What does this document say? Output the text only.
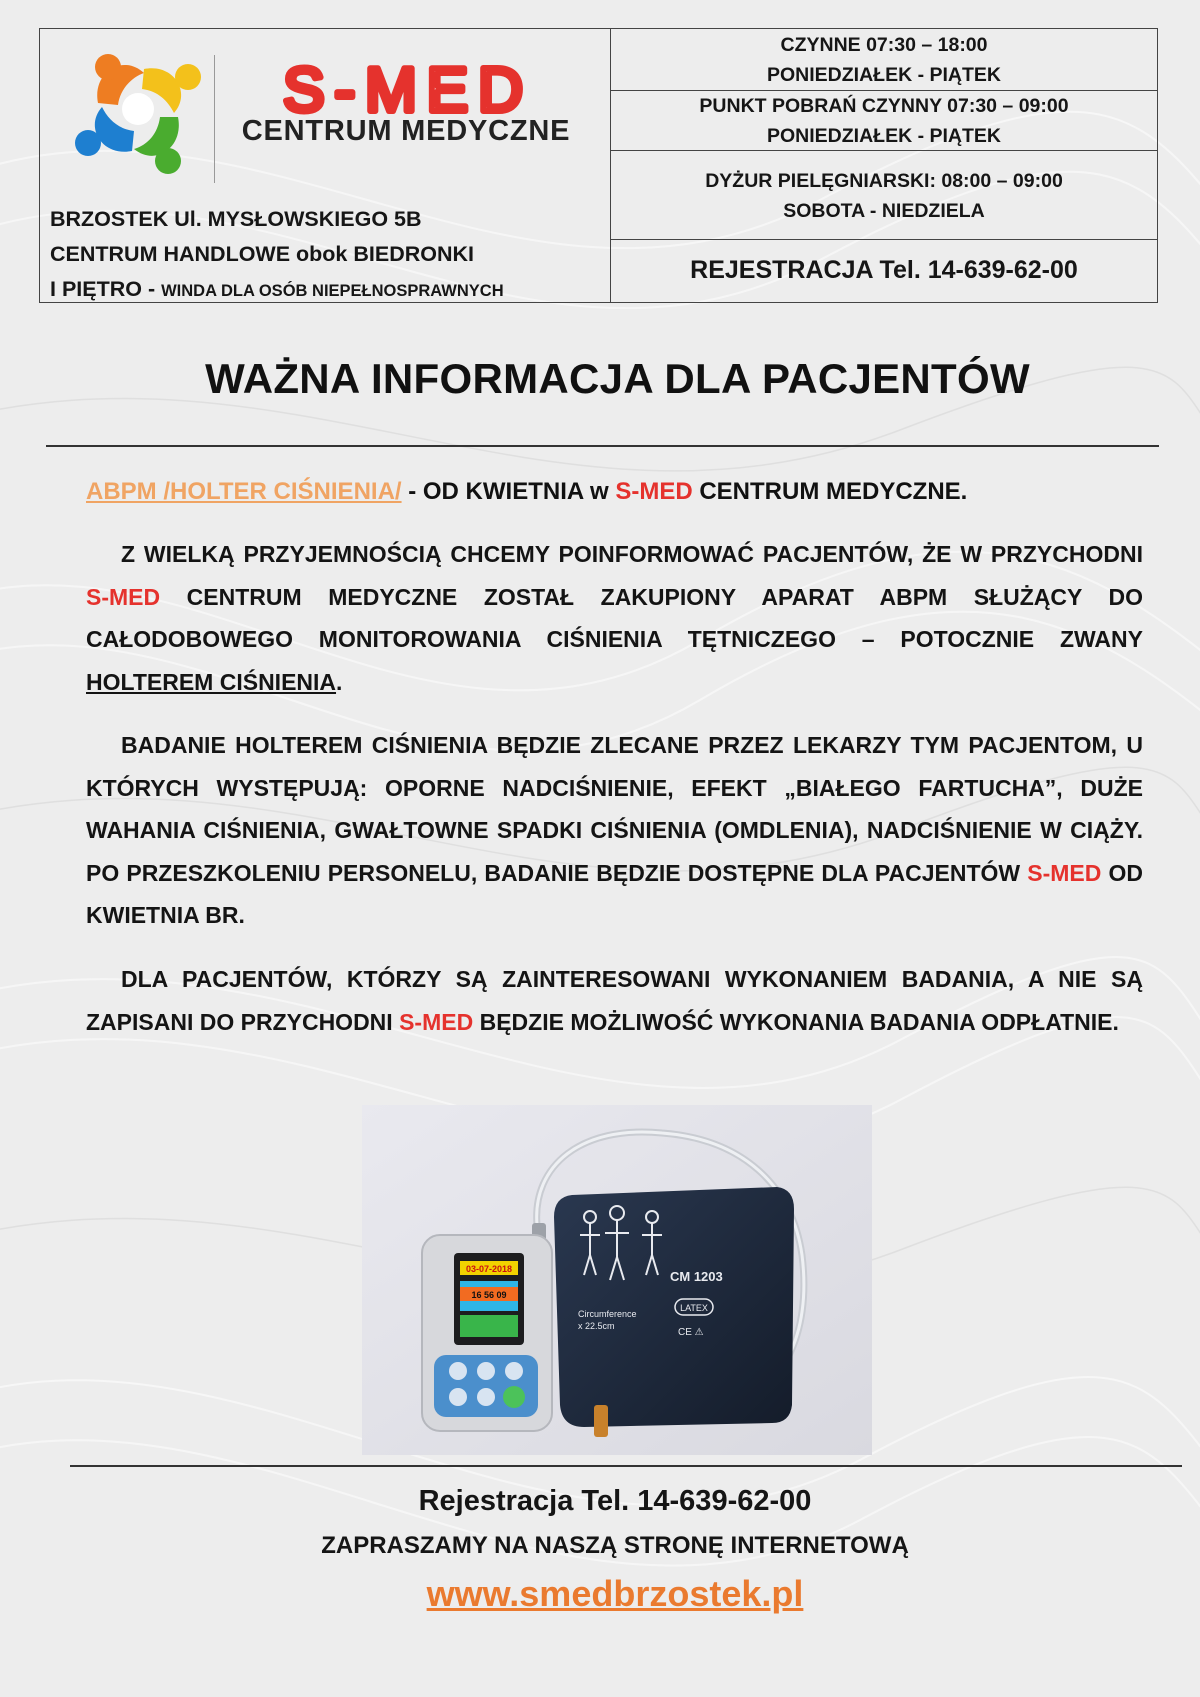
S-MED
CENTRUM MEDYCZNE
BRZOSTEK Ul. MYSŁOWSKIEGO 5B
CENTRUM HANDLOWE obok BIEDRONKI
I PIĘTRO - WINDA DLA OSÓB NIEPEŁNOSPRAWNYCH
CZYNNE 07:30 – 18:00
PONIEDZIAŁEK - PIĄTEK
PUNKT POBRAŃ CZYNNY 07:30 – 09:00
PONIEDZIAŁEK - PIĄTEK
DYŻUR PIELĘGNIARSKI: 08:00 – 09:00
SOBOTA - NIEDZIELA
REJESTRACJA Tel. 14-639-62-00
WAŻNA INFORMACJA DLA PACJENTÓW
ABPM /HOLTER CIŚNIENIA/ - OD KWIETNIA w S-MED CENTRUM MEDYCZNE.
Z WIELKĄ PRZYJEMNOŚCIĄ CHCEMY POINFORMOWAĆ PACJENTÓW, ŻE W PRZYCHODNI S-MED CENTRUM MEDYCZNE ZOSTAŁ ZAKUPIONY APARAT ABPM SŁUŻĄCY DO CAŁODOBOWEGO MONITOROWANIA CIŚNIENIA TĘTNICZEGO – POTOCZNIE ZWANY HOLTEREM CIŚNIENIA.
BADANIE HOLTEREM CIŚNIENIA BĘDZIE ZLECANE PRZEZ LEKARZY TYM PACJENTOM, U KTÓRYCH WYSTĘPUJĄ: OPORNE NADCIŚNIENIE, EFEKT „BIAŁEGO FARTUCHA”, DUŻE WAHANIA CIŚNIENIA, GWAŁTOWNE SPADKI CIŚNIENIA (OMDLENIA), NADCIŚNIENIE W CIĄŻY. PO PRZESZKOLENIU PERSONELU, BADANIE BĘDZIE DOSTĘPNE DLA PACJENTÓW S-MED OD KWIETNIA BR.
DLA PACJENTÓW, KTÓRZY SĄ ZAINTERESOWANI WYKONANIEM BADANIA, A NIE SĄ ZAPISANI DO PRZYCHODNI S-MED BĘDZIE MOŻLIWOŚĆ WYKONANIA BADANIA ODPŁATNIE.
CM 1203
LATEX
CE ⚠
Circumference
x 22.5cm
03-07-2018
16 56 09
Rejestracja Tel. 14-639-62-00
ZAPRASZAMY NA NASZĄ STRONĘ INTERNETOWĄ
www.smedbrzostek.pl
